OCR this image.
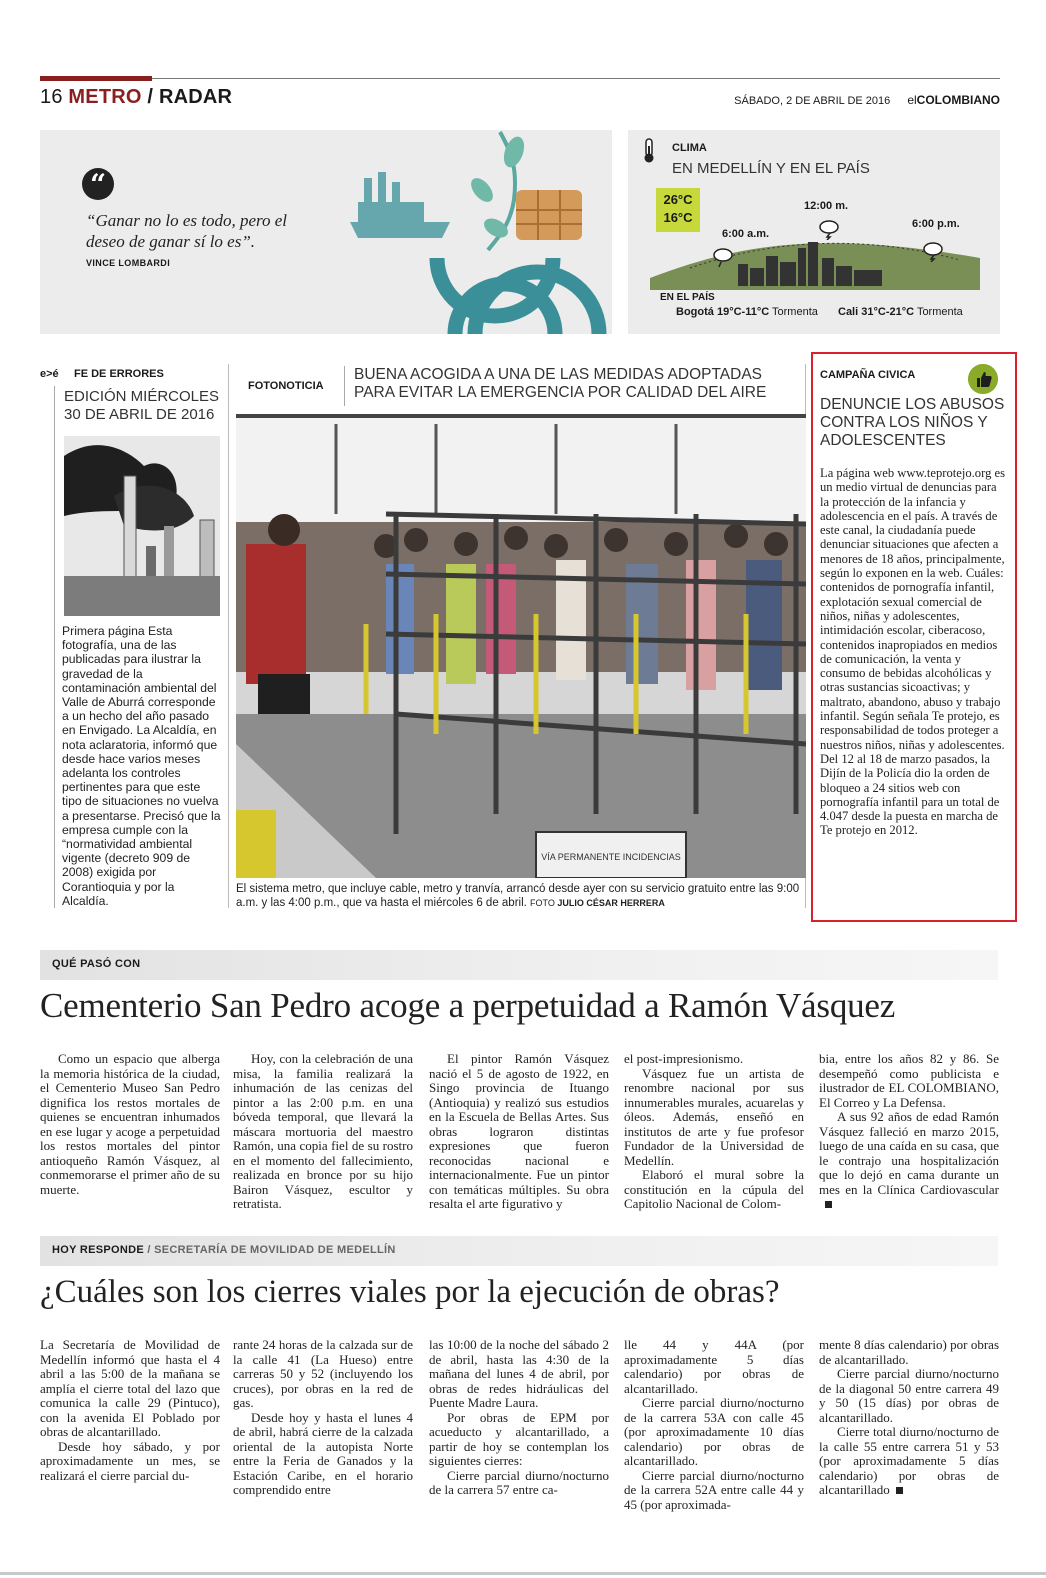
16 METRO / RADAR	SÁBADO, 2 DE ABRIL DE 2016 elCOLOMBIANO
“
“Ganar no lo es todo, pero el deseo de ganar sí lo es”.
VINCE LOMBARDI
CLIMA
EN MEDELLÍN Y EN EL PAÍS
26°C
16°C
6:00 a.m.
12:00 m.
6:00 p.m.
EN EL PAÍS
Bogotá 19°C-11°C Tormenta Cali 31°C-21°C Tormenta
e>é FE DE ERRORES
EDICIÓN MIÉRCOLES 30 DE ABRIL DE 2016
Primera página Esta fotografía, una de las publicadas para ilustrar la gravedad de la contaminación ambiental del Valle de Aburrá corresponde a un hecho del año pasado en Envigado. La Alcaldía, en nota aclaratoria, informó que desde hace varios meses adelanta los controles pertinentes para que este tipo de situaciones no vuelva a presentarse. Precisó que la empresa cumple con la “normatividad ambiental vigente (decreto 909 de 2008) exigida por Corantioquia y por la Alcaldía.
FOTONOTICIA
BUENA ACOGIDA A UNA DE LAS MEDIDAS ADOPTADAS PARA EVITAR LA EMERGENCIA POR CALIDAD DEL AIRE
VÍA PERMANENTE INCIDENCIAS
El sistema metro, que incluye cable, metro y tranvía, arrancó desde ayer con su servicio gratuito entre las 9:00 a.m. y las 4:00 p.m., que va hasta el miércoles 6 de abril. FOTO JULIO CÉSAR HERRERA
CAMPAÑA CIVICA
DENUNCIE LOS ABUSOS CONTRA LOS NIÑOS Y ADOLESCENTES
La página web www.teproteјo.org es un medio virtual de denuncias para la protección de la infancia y adolescencia en el país. A través de este canal, la ciudadanía puede denunciar situaciones que afecten a menores de 18 años, principalmente, según lo exponen en la web. Cuáles: contenidos de pornografía infantil, explotación sexual comercial de niños, niñas y adolescentes, intimidación escolar, ciberacoso, contenidos inapropiados en medios de comunicación, la venta y consumo de bebidas alcohólicas y otras sustancias sicoactivas; y maltrato, abandono, abuso y trabajo infantil. Según señala Te protejo, es responsabilidad de todos proteger a nuestros niños, niñas y adolescentes. Del 12 al 18 de marzo pasados, la Dijín de la Policía dio la orden de bloqueo a 24 sitios web con pornografía infantil para un total de 4.047 desde la puesta en marcha de Te protejo en 2012.
QUÉ PASÓ CON
Cementerio San Pedro acoge a perpetuidad a Ramón Vásquez

Como un espacio que alberga la memoria histórica de la ciudad, el Cementerio Museo San Pedro dignifica los restos mortales de quienes se encuentran inhumados en ese lugar y acoge a perpetuidad los restos mortales del pintor antioqueño Ramón Vásquez, al conmemorarse el primer año de su muerte.

Hoy, con la celebración de una misa, la familia realizará la inhumación de las cenizas del pintor a las 2:00 p.m. en una bóveda temporal, que llevará la máscara mortuoria del maestro Ramón, una copia fiel de su rostro en el momento del fallecimiento, realizada en bronce por su hijo Bairon Vásquez, escultor y retratista.

El pintor Ramón Vásquez nació el 5 de agosto de 1922, en Singo provincia de Ituango (Antioquia) y realizó sus estudios en la Escuela de Bellas Artes. Sus obras lograron distintas expresiones que fueron reconocidas nacional e internacionalmente. Fue un pintor con temáticas múltiples. Su obra resalta el arte figurativo y

el post-impresionismo.

Vásquez fue un artista de renombre nacional por sus innumerables murales, acuarelas y óleos. Además, enseñó en institutos de arte y fue profesor Fundador de la Universidad de Medellín.

Elaboró el mural sobre la constitución en la cúpula del Capitolio Nacional de Colom-

bia, entre los años 82 y 86. Se desempeñó como publicista e ilustrador de EL COLOMBIANO, El Correo y La Defensa.

A sus 92 años de edad Ramón Vásquez falleció en marzo 2015, luego de una caída en su casa, que le contrajo una hospitalización que lo dejó en cama durante un mes en la Clínica Cardiovascular

HOY RESPONDE / SECRETARÍA DE MOVILIDAD DE MEDELLÍN
¿Cuáles son los cierres viales por la ejecución de obras?

La Secretaría de Movilidad de Medellín informó que hasta el 4 abril a las 5:00 de la mañana se amplía el cierre total del lazo que comunica la calle 29 (Pintuco), con la avenida El Poblado por obras de alcantarillado.

Desde hoy sábado, y por aproximadamente un mes, se realizará el cierre parcial du-

rante 24 horas de la calzada sur de la calle 41 (La Hueso) entre carreras 50 y 52 (incluyendo los cruces), por obras en la red de gas.

Desde hoy y hasta el lunes 4 de abril, habrá cierre de la calzada oriental de la autopista Norte entre la Feria de Ganados y la Estación Caribe, en el horario comprendido entre

las 10:00 de la noche del sábado 2 de abril, hasta las 4:30 de la mañana del lunes 4 de abril, por obras de redes hidráulicas del Puente Madre Laura.

Por obras de EPM por acueducto y alcantarillado, a partir de hoy se contemplan los siguientes cierres:

Cierre parcial diurno/nocturno de la carrera 57 entre ca-

lle 44 y 44A (por aproximadamente 5 días calendario) por obras de alcantarillado.

Cierre parcial diurno/nocturno de la carrera 53A con calle 45 (por aproximadamente 10 días calendario) por obras de alcantarillado.

Cierre parcial diurno/nocturno de la carrera 52A entre calle 44 y 45 (por aproximada-

mente 8 días calendario) por obras de alcantarillado.

Cierre parcial diurno/nocturno de la diagonal 50 entre carrera 49 y 50 (15 días) por obras de alcantarillado.

Cierre total diurno/nocturno de la calle 55 entre carrera 51 y 53 (por aproximadamente 5 días calendario) por obras de alcantarillado
